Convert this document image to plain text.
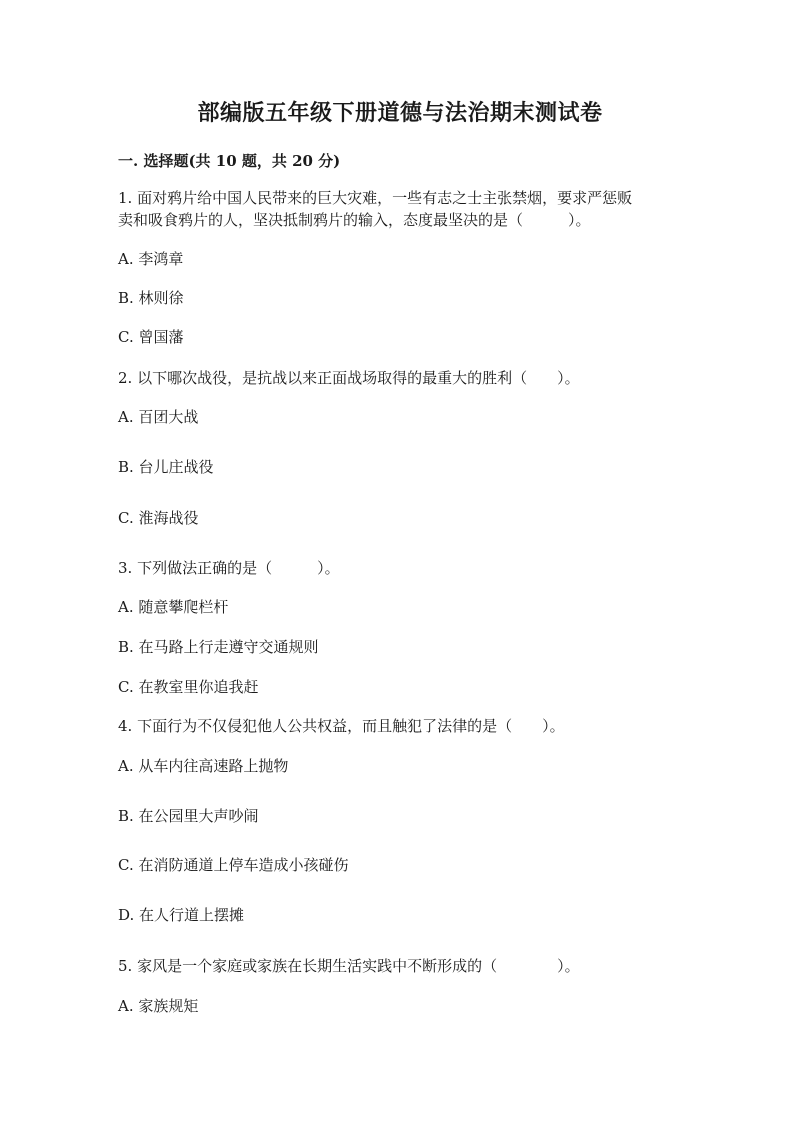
部编版五年级下册道德与法治期末测试卷
一. 选择题(共 10 题，共 20 分)
1. 面对鸦片给中国人民带来的巨大灾难，一些有志之士主张禁烟，要求严惩贩
卖和吸食鸦片的人，坚决抵制鸦片的输入，态度最坚决的是（　　　）。
A. 李鸿章
B. 林则徐
C. 曾国藩
2. 以下哪次战役，是抗战以来正面战场取得的最重大的胜利（　　）。
A. 百团大战
B. 台儿庄战役
C. 淮海战役
3. 下列做法正确的是（　　　）。
A. 随意攀爬栏杆
B. 在马路上行走遵守交通规则
C. 在教室里你追我赶
4. 下面行为不仅侵犯他人公共权益，而且触犯了法律的是（　　）。
A. 从车内往高速路上抛物
B. 在公园里大声吵闹
C. 在消防通道上停车造成小孩碰伤
D. 在人行道上摆摊
5. 家风是一个家庭或家族在长期生活实践中不断形成的（　　　　）。
A. 家族规矩
